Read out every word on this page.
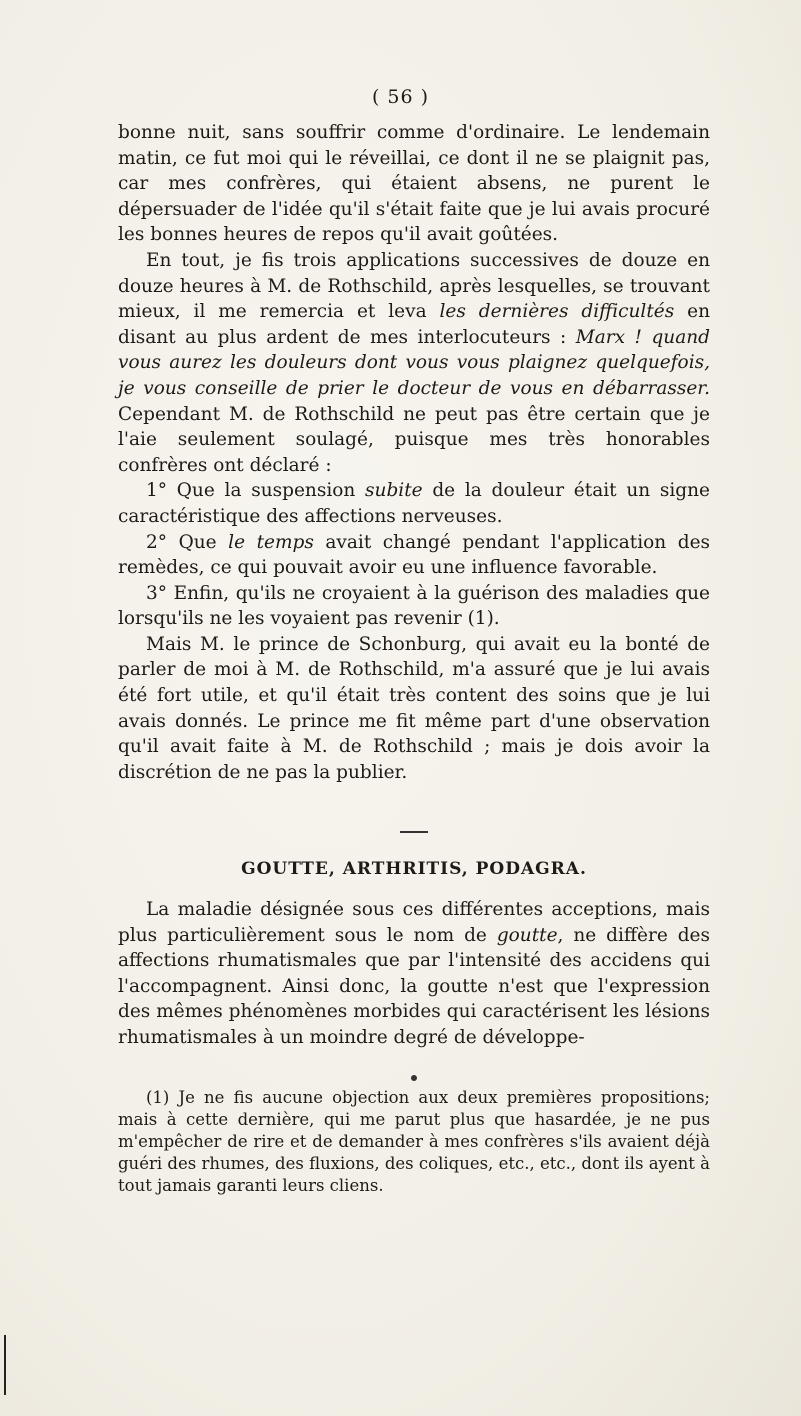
( 56 )

bonne nuit, sans souffrir comme d'ordinaire. Le lendemain matin, ce fut moi qui le réveillai, ce dont il ne se plaignit pas, car mes confrères, qui étaient absens, ne purent le dépersuader de l'idée qu'il s'était faite que je lui avais procuré les bonnes heures de repos qu'il avait goûtées.

En tout, je fis trois applications successives de douze en douze heures à M. de Rothschild, après lesquelles, se trouvant mieux, il me remercia et leva les dernières difficultés en disant au plus ardent de mes interlocuteurs : Marx ! quand vous aurez les douleurs dont vous vous plaignez quelquefois, je vous conseille de prier le docteur de vous en débarrasser. Cependant M. de Rothschild ne peut pas être certain que je l'aie seulement soulagé, puisque mes très honorables confrères ont déclaré :

1° Que la suspension subite de la douleur était un signe caractéristique des affections nerveuses.

2° Que le temps avait changé pendant l'application des remèdes, ce qui pouvait avoir eu une influence favorable.

3° Enfin, qu'ils ne croyaient à la guérison des maladies que lorsqu'ils ne les voyaient pas revenir (1).

Mais M. le prince de Schonburg, qui avait eu la bonté de parler de moi à M. de Rothschild, m'a assuré que je lui avais été fort utile, et qu'il était très content des soins que je lui avais donnés. Le prince me fit même part d'une observation qu'il avait faite à M. de Rothschild ; mais je dois avoir la discrétion de ne pas la publier.

GOUTTE, ARTHRITIS, PODAGRA.

La maladie désignée sous ces différentes acceptions, mais plus particulièrement sous le nom de goutte, ne diffère des affections rhumatismales que par l'intensité des accidens qui l'accompagnent. Ainsi donc, la goutte n'est que l'expression des mêmes phénomènes morbides qui caractérisent les lésions rhumatismales à un moindre degré de développe-

(1) Je ne fis aucune objection aux deux premières propositions; mais à cette dernière, qui me parut plus que hasardée, je ne pus m'empêcher de rire et de demander à mes confrères s'ils avaient déjà guéri des rhumes, des fluxions, des coliques, etc., etc., dont ils ayent à tout jamais garanti leurs cliens.
